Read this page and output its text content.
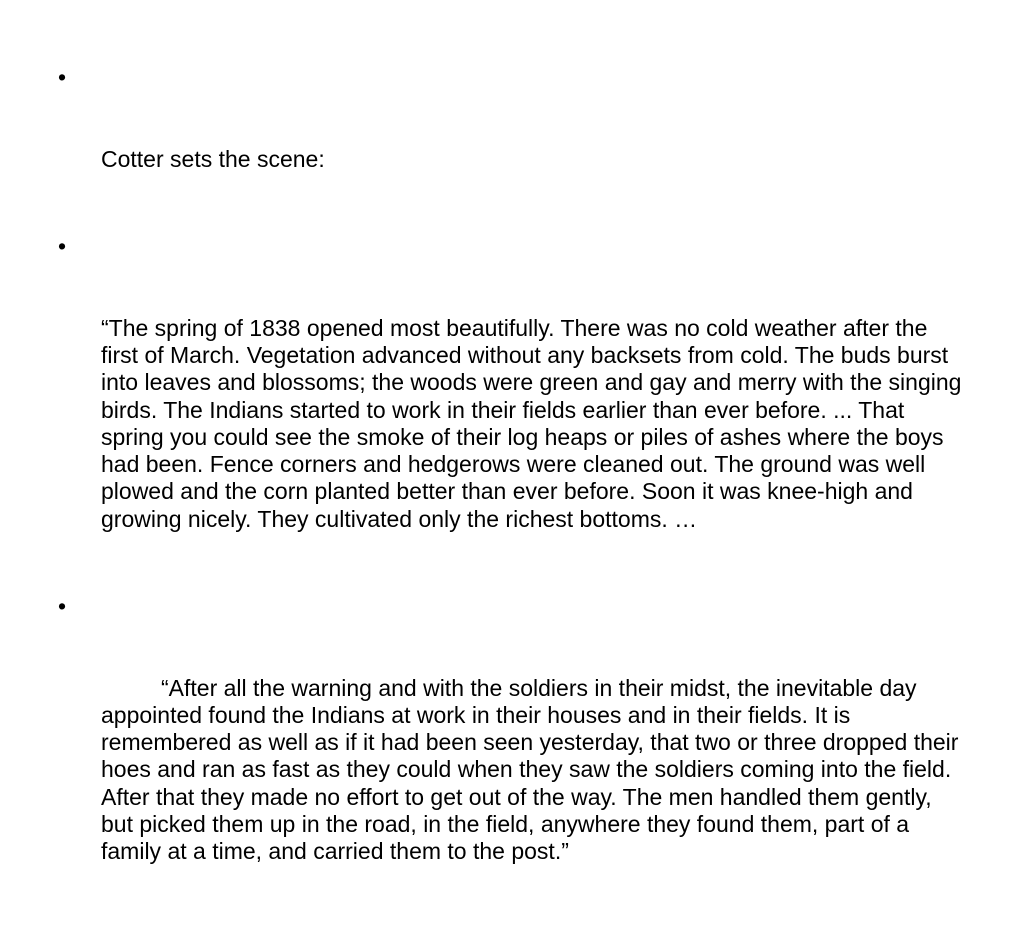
•

Cotter sets the scene:

•

“The spring of 1838 opened most beautifully. There was no cold weather after the first of March. Vegetation advanced without any backsets from cold. The buds burst into leaves and blossoms; the woods were green and gay and merry with the singing birds. The Indians started to work in their fields earlier than ever before. ... That spring you could see the smoke of their log heaps or piles of ashes where the boys had been. Fence corners and hedgerows were cleaned out. The ground was well plowed and the corn planted better than ever before. Soon it was knee-high and growing nicely. They cultivated only the richest bottoms. …

•

	“After all the warning and with the soldiers in their midst, the inevitable day appointed found the Indians at work in their houses and in their fields. It is remembered as well as if it had been seen yesterday, that two or three dropped their hoes and ran as fast as they could when they saw the soldiers coming into the field. After that they made no effort to get out of the way. The men handled them gently, but picked them up in the road, in the field, anywhere they found them, part of a family at a time, and carried them to the post.”
